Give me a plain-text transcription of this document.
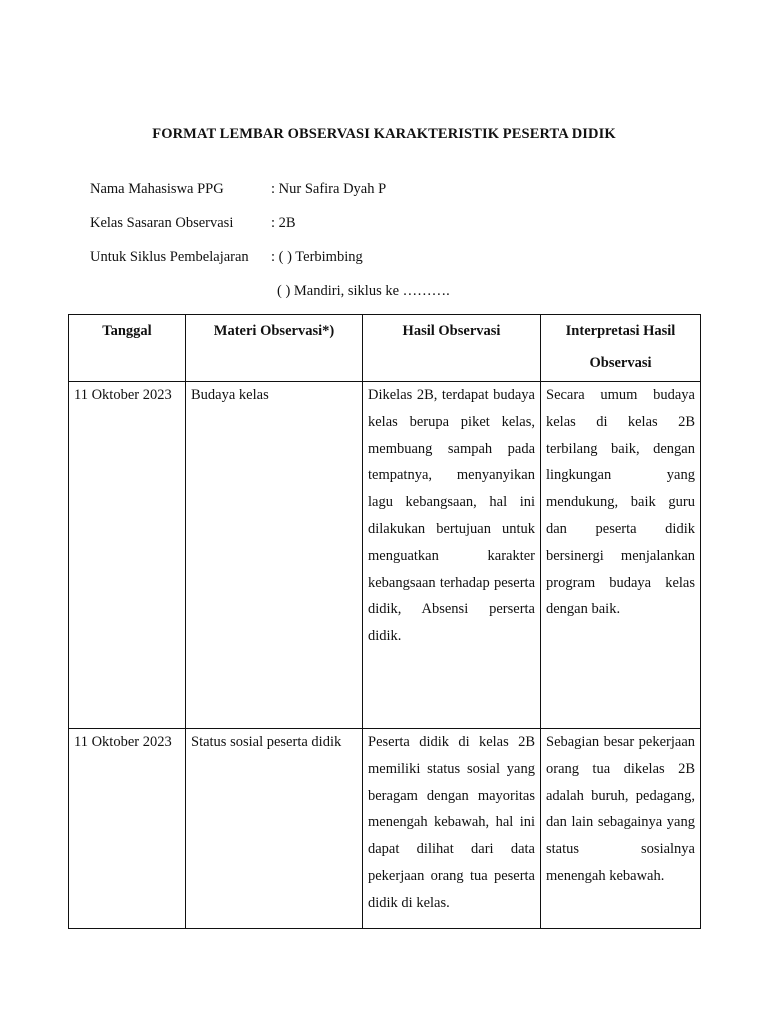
FORMAT LEMBAR OBSERVASI KARAKTERISTIK PESERTA DIDIK
Nama Mahasiswa PPG	: Nur Safira Dyah P
Kelas Sasaran Observasi	: 2B
Untuk Siklus Pembelajaran : ( ) Terbimbing
( ) Mandiri, siklus ke ……….
Tanggal	Materi Observasi*)	Hasil Observasi	Interpretasi Hasil Observasi
11 Oktober 2023	Budaya kelas	Dikelas 2B, terdapat budaya kelas berupa piket kelas, membuang sampah pada tempatnya, menyanyikan lagu kebangsaan, hal ini dilakukan bertujuan untuk menguatkan karakter kebangsaan terhadap peserta didik, Absensi perserta didik.	Secara umum budaya kelas di kelas 2B terbilang baik, dengan lingkungan yang mendukung, baik guru dan peserta didik bersinergi menjalankan program budaya kelas dengan baik.
11 Oktober 2023	Status sosial peserta didik	Peserta didik di kelas 2B memiliki status sosial yang beragam dengan mayoritas menengah kebawah, hal ini dapat dilihat dari data pekerjaan orang tua peserta didik di kelas.	Sebagian besar pekerjaan orang tua dikelas 2B adalah buruh, pedagang, dan lain sebagainya yang status sosialnya menengah kebawah.
